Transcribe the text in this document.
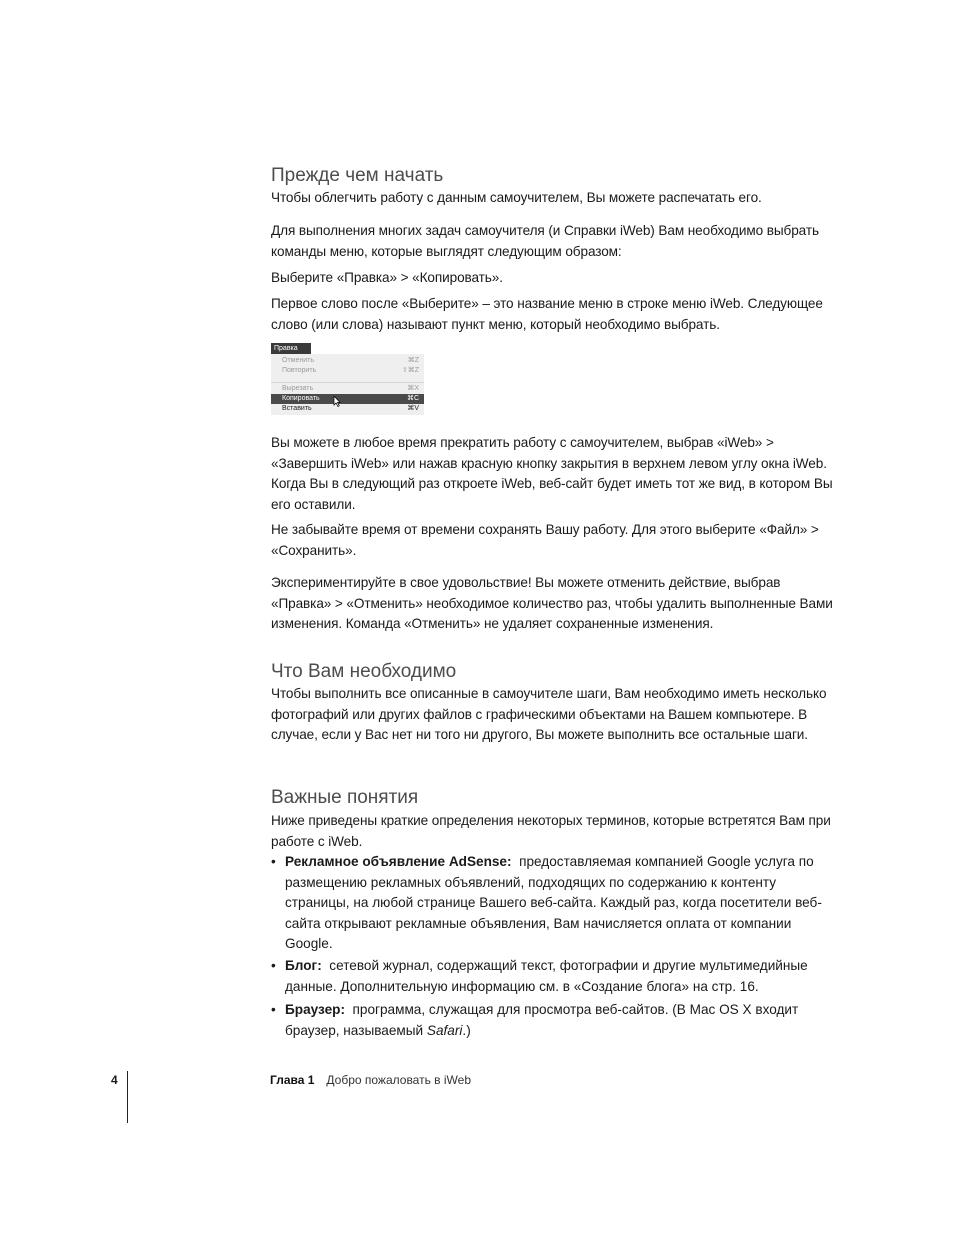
Прежде чем начать

Чтобы облегчить работу с данным самоучителем, Вы можете распечатать его.

Для выполнения многих задач самоучителя (и Справки iWeb) Вам необходимо выбрать команды меню, которые выглядят следующим образом:

Выберите «Правка» > «Копировать».

Первое слово после «Выберите» – это название меню в строке меню iWeb. Следующее слово (или слова) называют пункт меню, который необходимо выбрать.

Правка
Отменить	⌘Z
Повторить	⇧⌘Z
Вырезать	⌘X
Копировать	⌘C
Вставить	⌘V

Вы можете в любое время прекратить работу с самоучителем, выбрав «iWeb» > «Завершить iWeb» или нажав красную кнопку закрытия в верхнем левом углу окна iWeb. Когда Вы в следующий раз откроете iWeb, веб-сайт будет иметь тот же вид, в котором Вы его оставили.

Не забывайте время от времени сохранять Вашу работу. Для этого выберите «Файл» > «Сохранить».

Экспериментируйте в свое удовольствие! Вы можете отменить действие, выбрав «Правка» > «Отменить» необходимое количество раз, чтобы удалить выполненные Вами изменения. Команда «Отменить» не удаляет сохраненные изменения.

Что Вам необходимо

Чтобы выполнить все описанные в самоучителе шаги, Вам необходимо иметь несколько фотографий или других файлов с графическими объектами на Вашем компьютере. В случае, если у Вас нет ни того ни другого, Вы можете выполнить все остальные шаги.

Важные понятия

Ниже приведены краткие определения некоторых терминов, которые встретятся Вам при работе с iWeb.

• Рекламное объявление AdSense: предоставляемая компанией Google услуга по размещению рекламных объявлений, подходящих по содержанию к контенту страницы, на любой странице Вашего веб-сайта. Каждый раз, когда посетители веб-сайта открывают рекламные объявления, Вам начисляется оплата от компании Google.
• Блог: сетевой журнал, содержащий текст, фотографии и другие мультимедийные данные. Дополнительную информацию см. в «Создание блога» на стр. 16.
• Браузер: программа, служащая для просмотра веб-сайтов. (В Mac OS X входит браузер, называемый Safari.)
4	Глава 1 Добро пожаловать в iWeb
